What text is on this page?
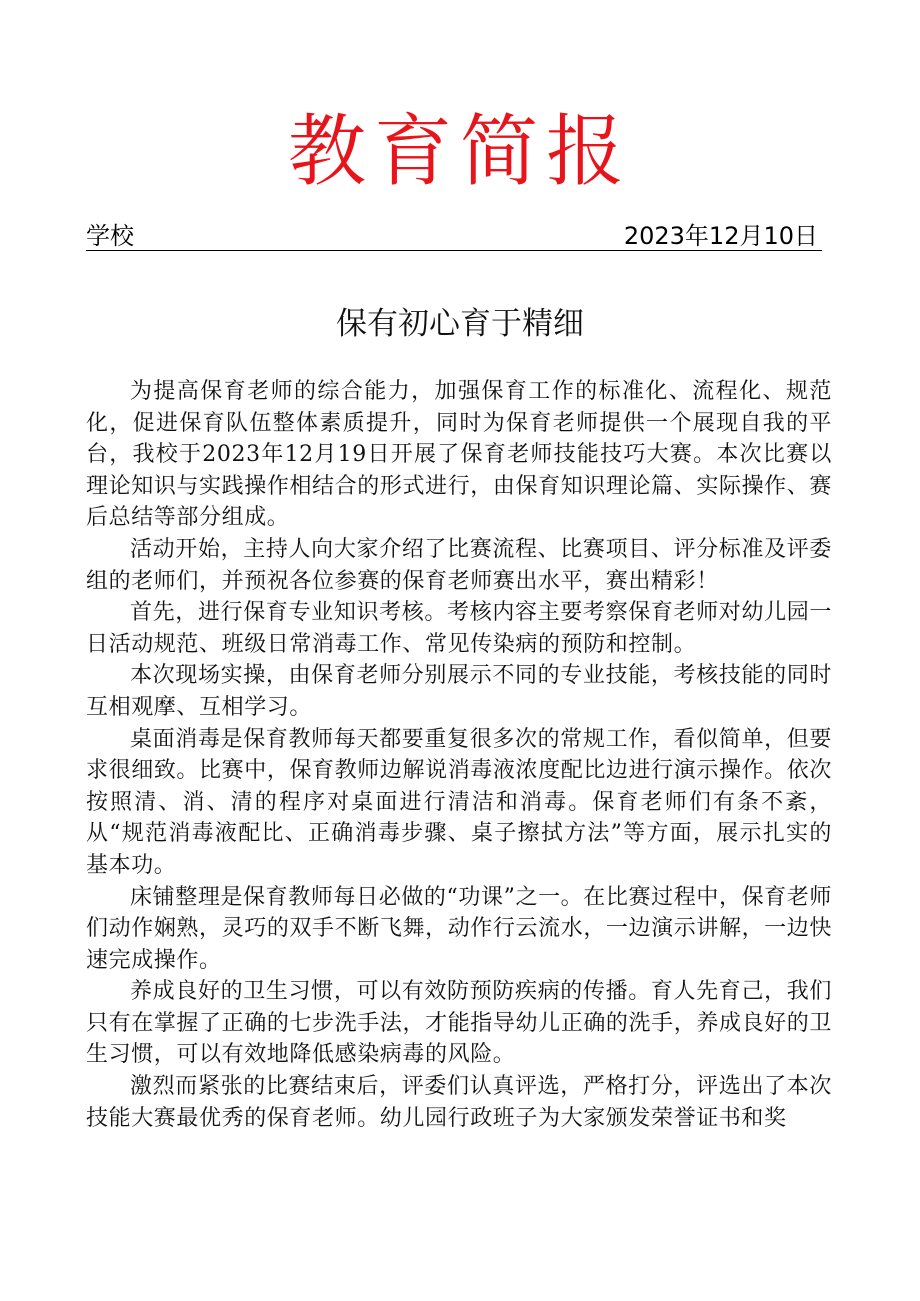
教育简报
学校	2023年12月10日
保有初心育于精细

为提高保育老师的综合能力，加强保育工作的标准化、流程化、规范化，促进保育队伍整体素质提升，同时为保育老师提供一个展现自我的平台，我校于2023年12月19日开展了保育老师技能技巧大赛。本次比赛以理论知识与实践操作相结合的形式进行，由保育知识理论篇、实际操作、赛后总结等部分组成。

活动开始，主持人向大家介绍了比赛流程、比赛项目、评分标准及评委组的老师们，并预祝各位参赛的保育老师赛出水平，赛出精彩！

首先，进行保育专业知识考核。考核内容主要考察保育老师对幼儿园一日活动规范、班级日常消毒工作、常见传染病的预防和控制。

本次现场实操，由保育老师分别展示不同的专业技能，考核技能的同时互相观摩、互相学习。

桌面消毒是保育教师每天都要重复很多次的常规工作，看似简单，但要求很细致。比赛中，保育教师边解说消毒液浓度配比边进行演示操作。依次按照清、消、清的程序对桌面进行清洁和消毒。保育老师们有条不紊，从“规范消毒液配比、正确消毒步骤、桌子擦拭方法”等方面，展示扎实的基本功。

床铺整理是保育教师每日必做的“功课”之一。在比赛过程中，保育老师们动作娴熟，灵巧的双手不断飞舞，动作行云流水，一边演示讲解，一边快速完成操作。

养成良好的卫生习惯，可以有效防预防疾病的传播。育人先育己，我们只有在掌握了正确的七步洗手法，才能指导幼儿正确的洗手，养成良好的卫生习惯，可以有效地降低感染病毒的风险。

激烈而紧张的比赛结束后，评委们认真评选，严格打分，评选出了本次技能大赛最优秀的保育老师。幼儿园行政班子为大家颁发荣誉证书和奖
